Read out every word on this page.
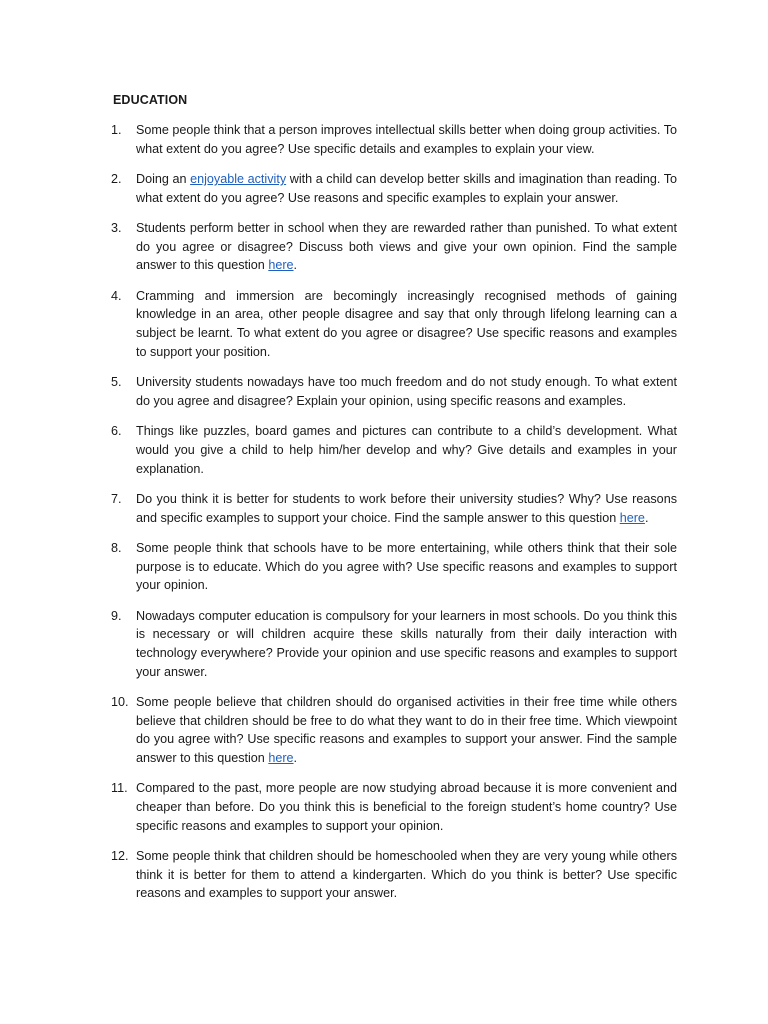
EDUCATION
1. Some people think that a person improves intellectual skills better when doing group activities. To what extent do you agree? Use specific details and examples to explain your view.
2. Doing an enjoyable activity with a child can develop better skills and imagination than reading. To what extent do you agree? Use reasons and specific examples to explain your answer.
3. Students perform better in school when they are rewarded rather than punished. To what extent do you agree or disagree? Discuss both views and give your own opinion. Find the sample answer to this question here.
4. Cramming and immersion are becomingly increasingly recognised methods of gaining knowledge in an area, other people disagree and say that only through lifelong learning can a subject be learnt. To what extent do you agree or disagree? Use specific reasons and examples to support your position.
5. University students nowadays have too much freedom and do not study enough. To what extent do you agree and disagree? Explain your opinion, using specific reasons and examples.
6. Things like puzzles, board games and pictures can contribute to a child’s development. What would you give a child to help him/her develop and why? Give details and examples in your explanation.
7. Do you think it is better for students to work before their university studies? Why? Use reasons and specific examples to support your choice. Find the sample answer to this question here.
8. Some people think that schools have to be more entertaining, while others think that their sole purpose is to educate. Which do you agree with? Use specific reasons and examples to support your opinion.
9. Nowadays computer education is compulsory for your learners in most schools. Do you think this is necessary or will children acquire these skills naturally from their daily interaction with technology everywhere? Provide your opinion and use specific reasons and examples to support your answer.
10. Some people believe that children should do organised activities in their free time while others believe that children should be free to do what they want to do in their free time. Which viewpoint do you agree with? Use specific reasons and examples to support your answer. Find the sample answer to this question here.
11. Compared to the past, more people are now studying abroad because it is more convenient and cheaper than before. Do you think this is beneficial to the foreign student’s home country? Use specific reasons and examples to support your opinion.
12. Some people think that children should be homeschooled when they are very young while others think it is better for them to attend a kindergarten. Which do you think is better? Use specific reasons and examples to support your answer.
